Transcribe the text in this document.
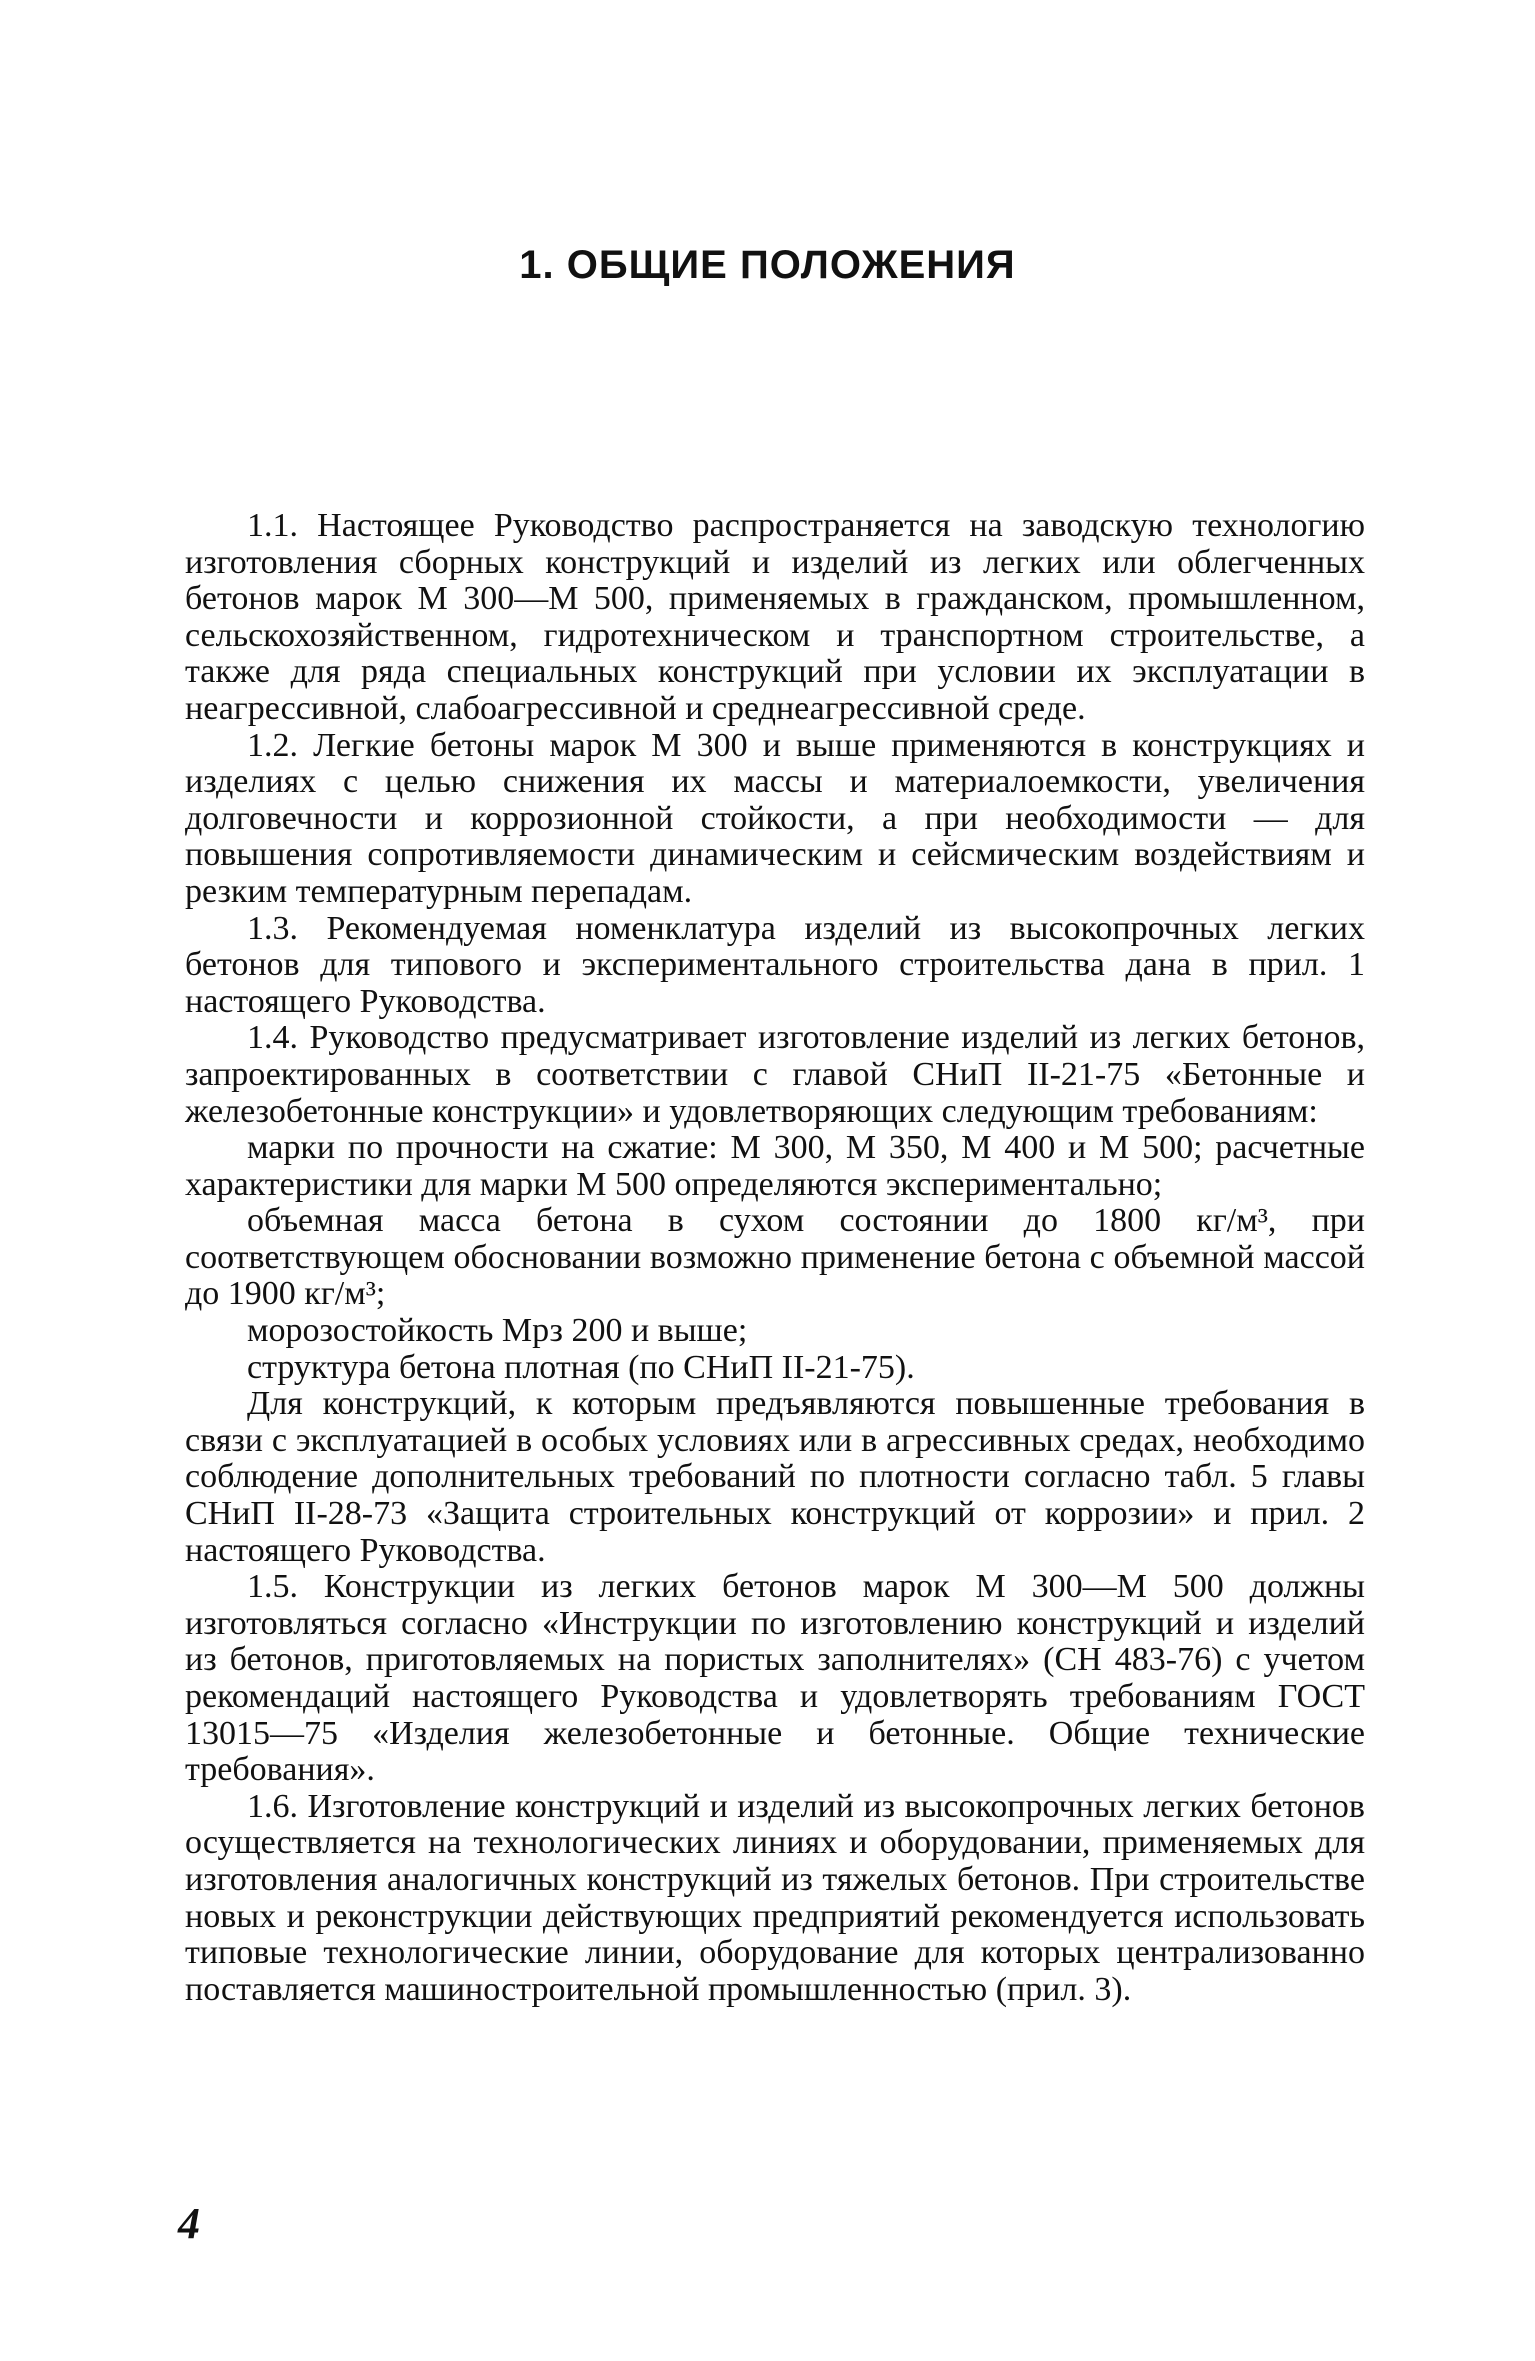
1. ОБЩИЕ ПОЛОЖЕНИЯ

1.1. Настоящее Руководство распространяется на заводскую технологию изготовления сборных конструкций и изделий из легких или облегченных бетонов марок М 300—М 500, применяемых в гражданском, промышленном, сельскохозяйственном, гидротехническом и транспортном строительстве, а также для ряда специальных конструкций при условии их эксплуатации в неагрессивной, слабоагрессивной и среднеагрессивной среде.

1.2. Легкие бетоны марок М 300 и выше применяются в конструкциях и изделиях с целью снижения их массы и материалоемкости, увеличения долговечности и коррозионной стойкости, а при необходимости — для повышения сопротивляемости динамическим и сейсмическим воздействиям и резким температурным перепадам.

1.3. Рекомендуемая номенклатура изделий из высокопрочных легких бетонов для типового и экспериментального строительства дана в прил. 1 настоящего Руководства.

1.4. Руководство предусматривает изготовление изделий из легких бетонов, запроектированных в соответствии с главой СНиП II-21-75 «Бетонные и железобетонные конструкции» и удовлетворяющих следующим требованиям:

марки по прочности на сжатие: М 300, М 350, М 400 и М 500; расчетные характеристики для марки М 500 определяются экспериментально;

объемная масса бетона в сухом состоянии до 1800 кг/м³, при соответствующем обосновании возможно применение бетона с объемной массой до 1900 кг/м³;

морозостойкость Мрз 200 и выше;

структура бетона плотная (по СНиП II-21-75).

Для конструкций, к которым предъявляются повышенные требования в связи с эксплуатацией в особых условиях или в агрессивных средах, необходимо соблюдение дополнительных требований по плотности согласно табл. 5 главы СНиП II-28-73 «Защита строительных конструкций от коррозии» и прил. 2 настоящего Руководства.

1.5. Конструкции из легких бетонов марок М 300—М 500 должны изготовляться согласно «Инструкции по изготовлению конструкций и изделий из бетонов, приготовляемых на пористых заполнителях» (СН 483-76) с учетом рекомендаций настоящего Руководства и удовлетворять требованиям ГОСТ 13015—75 «Изделия железобетонные и бетонные. Общие технические требования».

1.6. Изготовление конструкций и изделий из высокопрочных легких бетонов осуществляется на технологических линиях и оборудовании, применяемых для изготовления аналогичных конструкций из тяжелых бетонов. При строительстве новых и реконструкции действующих предприятий рекомендуется использовать типовые технологические линии, оборудование для которых централизованно поставляется машиностроительной промышленностью (прил. 3).

4
